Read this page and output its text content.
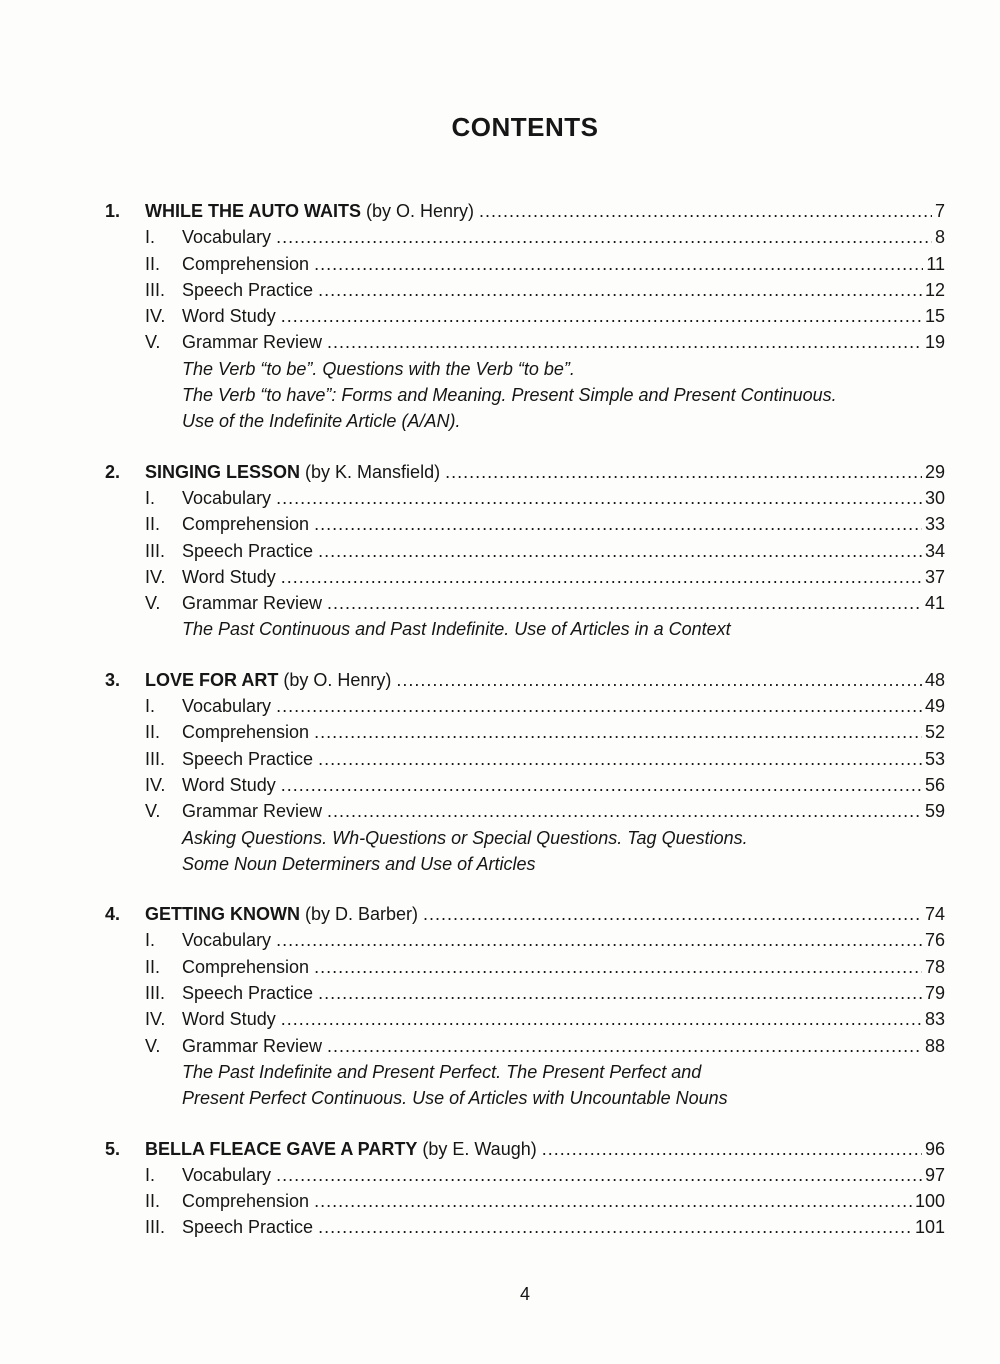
CONTENTS
1.	WHILE THE AUTO WAITS (by O. Henry) .....	7
I.	Vocabulary .....	8
II.	Comprehension .....	11
III. Speech Practice .....	12
IV. Word Study .....	15
V.	Grammar Review .....	19
The Verb “to be”. Questions with the Verb “to be”.
The Verb “to have”: Forms and Meaning. Present Simple and Present Continuous.
Use of the Indefinite Article (A/AN).
2.	SINGING LESSON (by K. Mansfield) .....	29
I.	Vocabulary .....	30
II.	Comprehension .....	33
III. Speech Practice .....	34
IV. Word Study .....	37
V.	Grammar Review .....	41
The Past Continuous and Past Indefinite. Use of Articles in a Context
3.	LOVE FOR ART (by O. Henry) .....	48
I.	Vocabulary .....	49
II.	Comprehension .....	52
III. Speech Practice .....	53
IV. Word Study .....	56
V.	Grammar Review .....	59
Asking Questions. Wh-Questions or Special Questions. Tag Questions.
Some Noun Determiners and Use of Articles
4.	GETTING KNOWN (by D. Barber) .....	74
I.	Vocabulary .....	76
II.	Comprehension .....	78
III. Speech Practice .....	79
IV. Word Study .....	83
V.	Grammar Review .....	88
The Past Indefinite and Present Perfect. The Present Perfect and
Present Perfect Continuous. Use of Articles with Uncountable Nouns
5.	BELLA FLEACE GAVE A PARTY (by E. Waugh) .....	96
I.	Vocabulary .....	97
II.	Comprehension .....	100
III. Speech Practice .....	101
4
